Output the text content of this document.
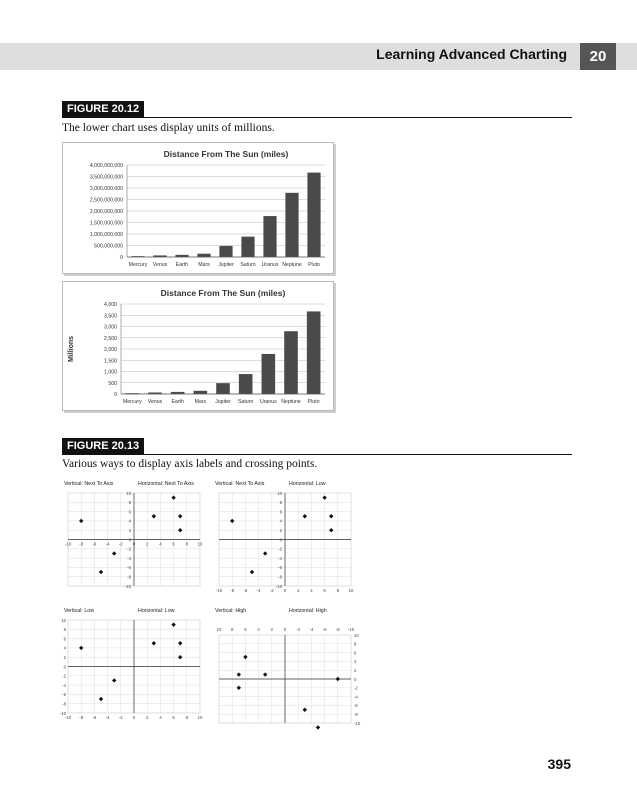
Learning Advanced Charting	20
FIGURE 20.12
The lower chart uses display units of millions.
Distance From The Sun (miles)
0
500,000,000
1,000,000,000
1,500,000,000
2,000,000,000
2,500,000,000
3,000,000,000
3,500,000,000
4,000,000,000
Mercury Venus Earth Mars Jupiter Saturn Uranus Neptune Pluto
Distance From The Sun (miles)
Millions
0
500
1,000
1,500
2,000
2,500
3,000
3,500
4,000
Mercury Venus Earth Mars Jupiter Saturn Uranus Neptune Pluto
FIGURE 20.13
Various ways to display axis labels and crossing points.
Vertical: Next To Axis	Horizontal: Next To Axis
-10
-8
-6
-4
-2
0
2
4
6
8
10
-10 -8 -6 -4 -2 0	2	4	6	8 10
Vertical: Next To Axis	Horizontal: Low
-10
-8
-6
-4
-2
0
2
4
6
8
10
-10 -8 -6 -4 -2 0	2	4	6	8 10
Vertical: Low	Horizontal: Low
-10
-8
-6
-4
-2
0
2
4
6
8
10
-10 -8 -6 -4 -2 0	2	4	6	8 10
Vertical: High	Horizontal: High
-10
-8
-6
-4
-2
0
2
4
6
8
10
10 8	6	4	2	0 -2 -4 -6 -8 -10
395
